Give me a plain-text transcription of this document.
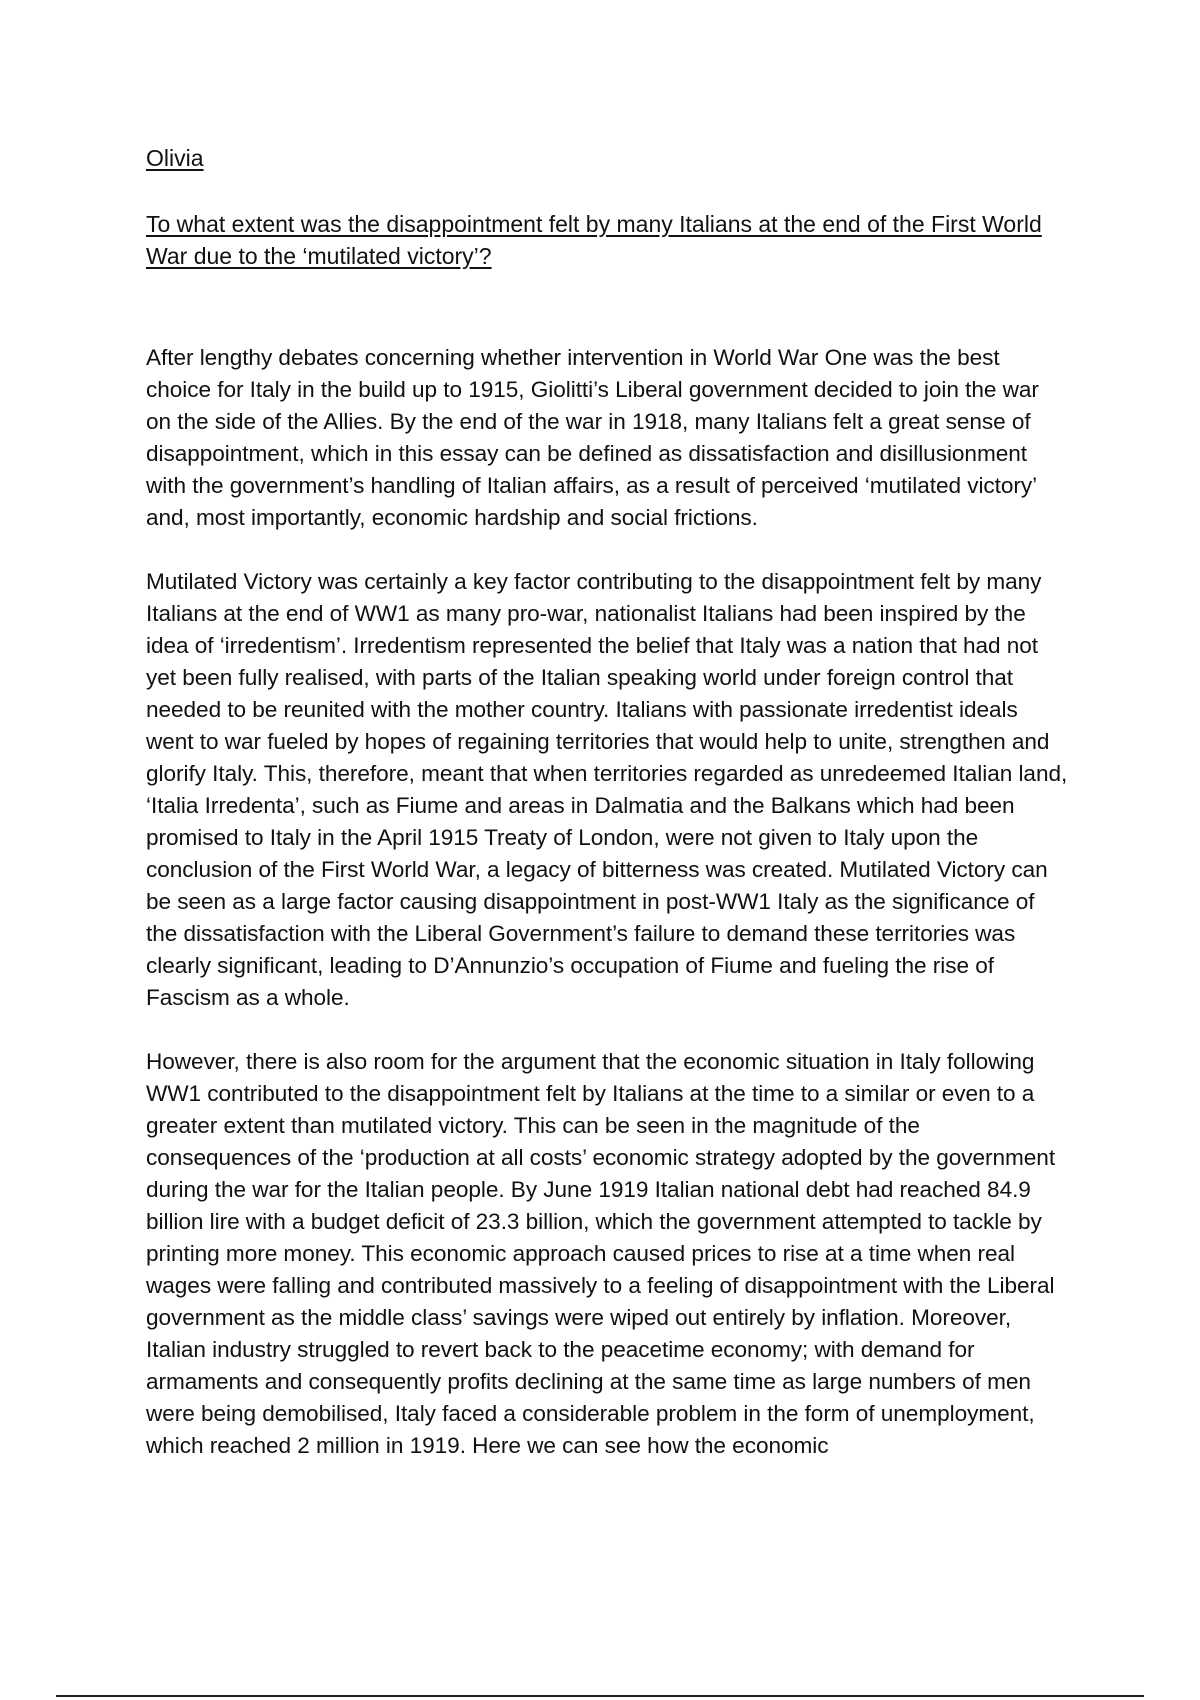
Olivia

To what extent was the disappointment felt by many Italians at the end of the First World War due to the ‘mutilated victory’?

After lengthy debates concerning whether intervention in World War One was the best choice for Italy in the build up to 1915, Giolitti’s Liberal government decided to join the war on the side of the Allies. By the end of the war in 1918, many Italians felt a great sense of disappointment, which in this essay can be defined as dissatisfaction and disillusionment with the government’s handling of Italian affairs, as a result of perceived ‘mutilated victory’ and, most importantly, economic hardship and social frictions.

Mutilated Victory was certainly a key factor contributing to the disappointment felt by many Italians at the end of WW1 as many pro-war, nationalist Italians had been inspired by the idea of ‘irredentism’. Irredentism represented the belief that Italy was a nation that had not yet been fully realised, with parts of the Italian speaking world under foreign control that needed to be reunited with the mother country. Italians with passionate irredentist ideals went to war fueled by hopes of regaining territories that would help to unite, strengthen and glorify Italy. This, therefore, meant that when territories regarded as unredeemed Italian land, ‘Italia Irredenta’, such as Fiume and areas in Dalmatia and the Balkans which had been promised to Italy in the April 1915 Treaty of London, were not given to Italy upon the conclusion of the First World War, a legacy of bitterness was created. Mutilated Victory can be seen as a large factor causing disappointment in post-WW1 Italy as the significance of the dissatisfaction with the Liberal Government’s failure to demand these territories was clearly significant, leading to D’Annunzio’s occupation of Fiume and fueling the rise of Fascism as a whole.

However, there is also room for the argument that the economic situation in Italy following WW1 contributed to the disappointment felt by Italians at the time to a similar or even to a greater extent than mutilated victory. This can be seen in the magnitude of the consequences of the ‘production at all costs’ economic strategy adopted by the government during the war for the Italian people. By June 1919 Italian national debt had reached 84.9 billion lire with a budget deficit of 23.3 billion, which the government attempted to tackle by printing more money. This economic approach caused prices to rise at a time when real wages were falling and contributed massively to a feeling of disappointment with the Liberal government as the middle class’ savings were wiped out entirely by inflation. Moreover, Italian industry struggled to revert back to the peacetime economy; with demand for armaments and consequently profits declining at the same time as large numbers of men were being demobilised, Italy faced a considerable problem in the form of unemployment, which reached 2 million in 1919. Here we can see how the economic
